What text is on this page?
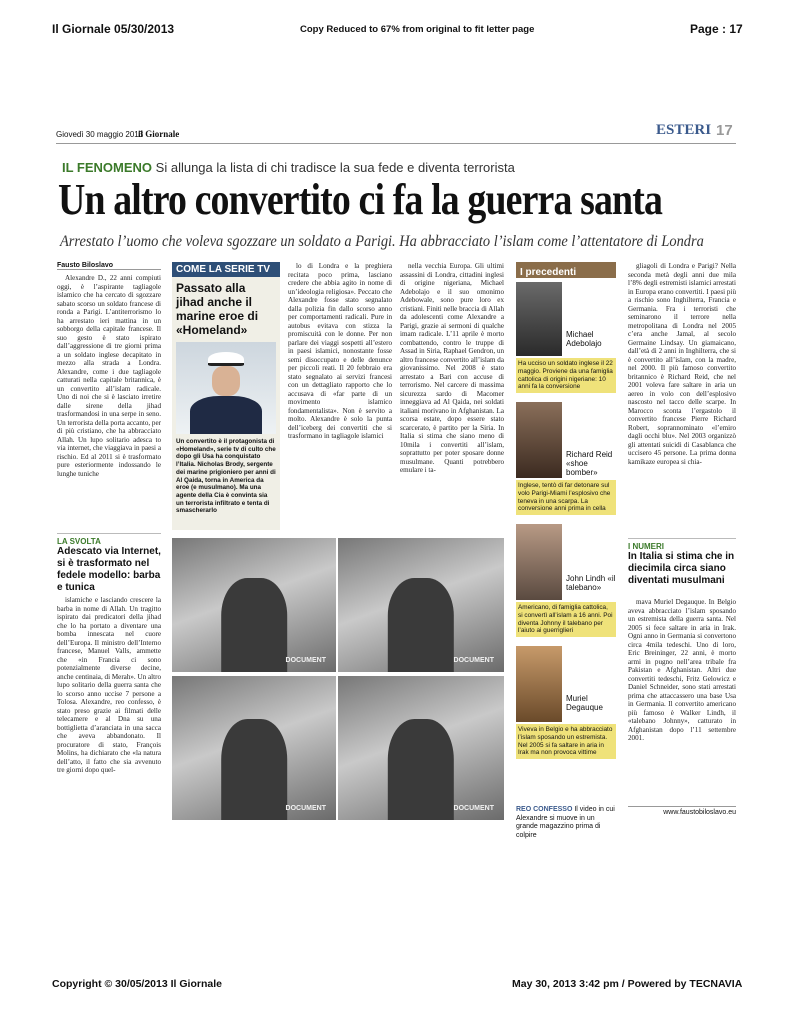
Il Giornale 05/30/2013	Copy Reduced to 67% from original to fit letter page	Page : 17
Giovedì 30 maggio 2013
il Giornale	ESTERI 17
IL FENOMENO Si allunga la lista di chi tradisce la sua fede e diventa terrorista
Un altro convertito ci fa la guerra santa
Arrestato l’uomo che voleva sgozzare un soldato a Parigi. Ha abbracciato l’islam come l’attentatore di Londra
Fausto Biloslavo

Alexandre D., 22 anni compiuti oggi, è l’aspirante tagliagole islamico che ha cercato di sgozzare sabato scorso un soldato francese di ronda a Parigi. L’antiterrorismo lo ha arrestato ieri mattina in un sobborgo della capitale francese. Il suo gesto è stato ispirato dall’aggressione di tre giorni prima a un soldato inglese decapitato in mezzo alla strada a Londra. Alexandre, come i due tagliagole catturati nella capitale britannica, è un convertito all’islam radicale. Uno di noi che si è lasciato irretire dalle sirene della jihad trasformandosi in una serpe in seno. Un terrorista della porta accanto, per di più cristiano, che ha abbracciato Allah. Un lupo solitario adesca to via internet, che viaggiava in paesi a rischio. Ed al 2011 si è trasformato pure esteriormente indossando le lunghe tuniche

LA SVOLTA
Adescato via Internet, si è trasformato nel fedele modello: barba e tunica

islamiche e lasciando crescere la barba in nome di Allah. Un tragitto ispirato dai predicatori della jihad che lo ha portato a diventare una bomba innescata nel cuore dell’Europa. Il ministro dell’Interno francese, Manuel Valls, ammette che «in Francia ci sono potenzialmente diverse decine, anche centinaia, di Merah». Un altro lupo solitario della guerra santa che lo scorso anno uccise 7 persone a Tolosa. Alexandre, reo confesso, è stato preso grazie ai filmati delle telecamere e al Dna su una bottiglietta d’aranciata in una sacca che aveva abbandonato. Il procuratore di stato, François Molins, ha dichiarato che «la natura dell’atto, il fatto che sia avvenuto tre giorni dopo quel-

COME LA SERIE TV
Passato alla jihad anche il marine eroe di «Homeland»
Un convertito è il protagonista di «Homeland», serie tv di culto che dopo gli Usa ha conquistato l’Italia. Nicholas Brody, sergente dei marine prigioniero per anni di Al Qaida, torna in America da eroe (e musulmano). Ma una agente della Cia è convinta sia un terrorista infiltrato e tenta di smascherarlo

lo di Londra e la preghiera recitata poco prima, lasciano credere che abbia agito in nome di un’ideologia religiosa». Peccato che Alexandre fosse stato segnalato dalla polizia fin dallo scorso anno per comportamenti radicali. Pure in autobus evitava con stizza la promiscuità con le donne. Per non parlare dei viaggi sospetti all’estero in paesi islamici, nonostante fosse semi disoccupato e delle denunce per piccoli reati. Il 20 febbraio era stato segnalato ai servizi francesi con un dettagliato rapporto che lo accusava di «far parte di un movimento islamico fondamentalista». Non è servito a molto. Alexandre è solo la punta dell’iceberg dei convertiti che si trasformano in tagliagole islamici

nella vecchia Europa. Gli ultimi assassini di Londra, cittadini inglesi di origine nigeriana, Michael Adebolajo e il suo omonimo Adebowale, sono pure loro ex cristiani. Finiti nelle braccia di Allah da adolescenti come Alexandre a Parigi, grazie ai sermoni di qualche imam radicale. L’11 aprile è morto combattendo, contro le truppe di Assad in Siria, Raphael Gendron, un altro francese convertito all’islam da giovanissimo. Nel 2008 è stato arrestato a Bari con accuse di terrorismo. Nel carcere di massima sicurezza sardo di Macomer inneggiava ad Al Qaida, nei soldati italiani morivano in Afghanistan. La scorsa estate, dopo essere stato scarcerato, è partito per la Siria. In Italia si stima che siano meno di 10mila i convertiti all’islam, soprattutto per poter sposare donne musulmane. Quanti potrebbero emulare i ta-

DOCUMENT	DOCUMENT
DOCUMENT	DOCUMENT
I precedenti
Michael Adebolajo
Ha ucciso un soldato inglese il 22 maggio. Proviene da una famiglia cattolica di origini nigeriane: 10 anni fa la conversione
Richard Reid «shoe bomber»
Inglese, tentò di far detonare sul volo Parigi-Miami l’esplosivo che teneva in una scarpa. La conversione anni prima in cella
John Lindh «il talebano»
Americano, di famiglia cattolica, si convertì all’islam a 16 anni. Poi diventa Johnny il talebano per l’aiuto ai guerriglieri
Muriel Degauque
Viveva in Belgio e ha abbracciato l’islam sposando un estremista. Nel 2005 si fa saltare in aria in Irak ma non provoca vittime
REO CONFESSO Il video in cui Alexandre si muove in un grande magazzino prima di colpire

gliagoli di Londra e Parigi? Nella seconda metà degli anni due mila l’8% degli estremisti islamici arrestati in Europa erano convertiti. I paesi più a rischio sono Inghilterra, Francia e Germania. Fra i terroristi che seminarono il terrore nella metropolitana di Londra nel 2005 c’era anche Jamal, al secolo Germaine Lindsay. Un giamaicano, dall’età di 2 anni in Inghilterra, che si è convertito all’islam, con la madre, nel 2000. Il più famoso convertito britannico è Richard Reid, che nel 2001 voleva fare saltare in aria un aereo in volo con dell’esplosivo nascosto nel tacco delle scarpe. In Marocco sconta l’ergastolo il convertito francese Pierre Richard Robert, soprannominato «l’emiro dagli occhi blu». Nel 2003 organizzò gli attentati suicidi di Casablanca che uccisero 45 persone. La prima donna kamikaze europea si chia-

I NUMERI
In Italia si stima che in diecimila circa siano diventati musulmani

mava Muriel Degauque. In Belgio aveva abbracciato l’islam sposando un estremista della guerra santa. Nel 2005 si fece saltare in aria in Irak. Ogni anno in Germania si convertono circa 4mila tedeschi. Uno di loro, Eric Breininger, 22 anni, è morto armi in pugno nell’area tribale fra Pakistan e Afghanistan. Altri due convertiti tedeschi, Fritz Gelowicz e Daniel Schneider, sono stati arrestati prima che attaccassero una base Usa in Germania. Il convertito americano più famoso è Walker Lindh, il «talebano Johnny», catturato in Afghanistan dopo l’11 settembre 2001.

www.faustobiloslavo.eu
Copyright © 30/05/2013 Il Giornale	May 30, 2013 3:42 pm / Powered by TECNAVIA
